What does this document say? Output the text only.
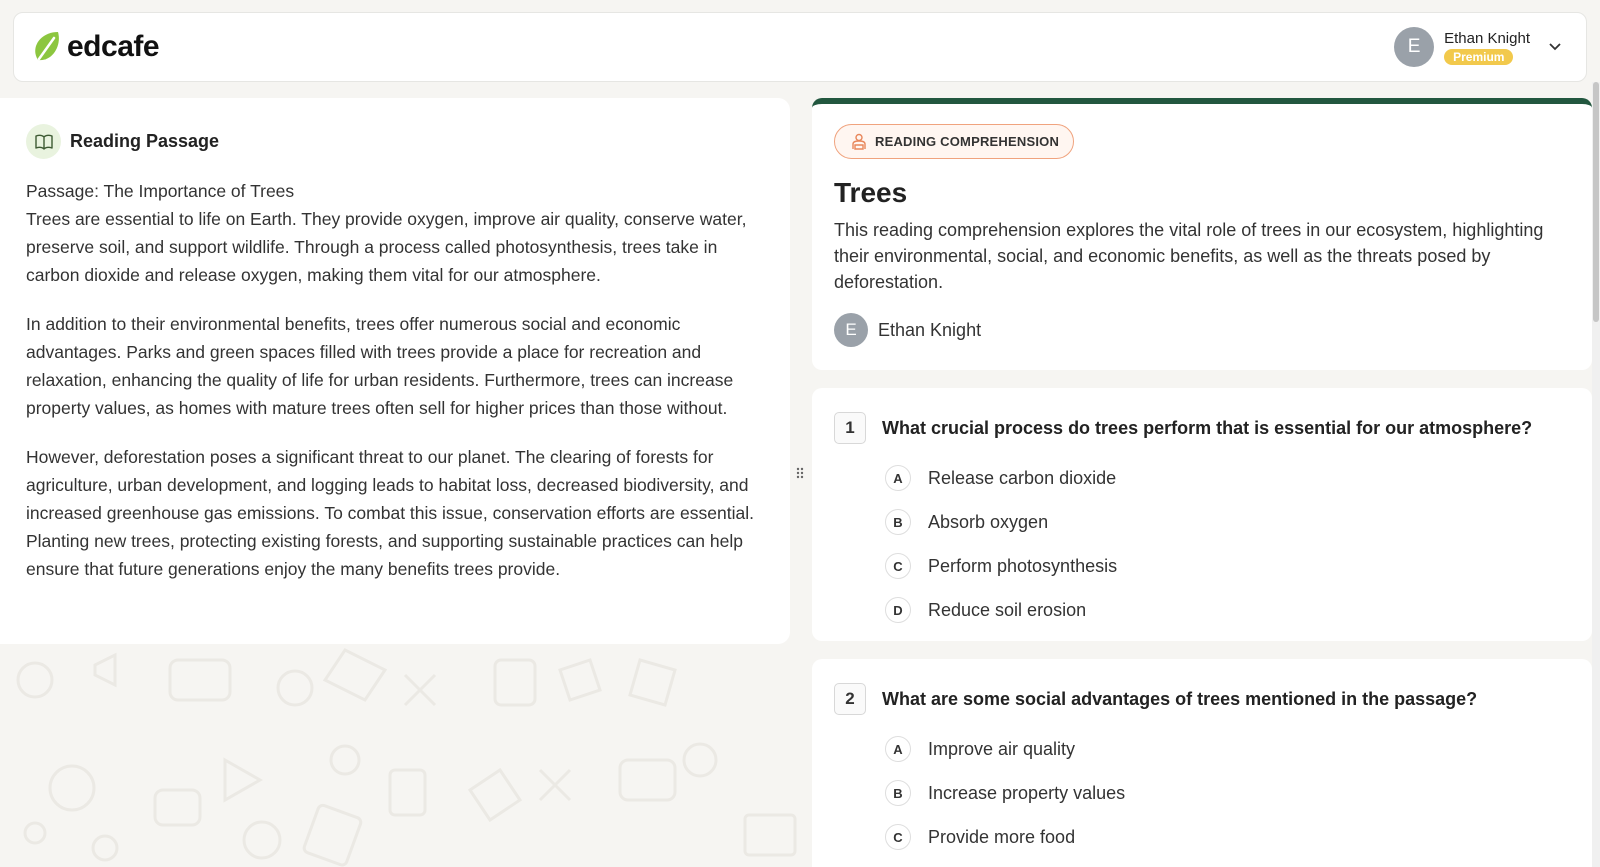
edcafe	E	Ethan Knight
Premium
Reading Passage

Passage: The Importance of Trees
Trees are essential to life on Earth. They provide oxygen, improve air quality, conserve water, preserve soil, and support wildlife. Through a process called photosynthesis, trees take in carbon dioxide and release oxygen, making them vital for our atmosphere.

In addition to their environmental benefits, trees offer numerous social and economic advantages. Parks and green spaces filled with trees provide a place for recreation and relaxation, enhancing the quality of life for urban residents. Furthermore, trees can increase property values, as homes with mature trees often sell for higher prices than those without.

However, deforestation poses a significant threat to our planet. The clearing of forests for agriculture, urban development, and logging leads to habitat loss, decreased biodiversity, and increased greenhouse gas emissions. To combat this issue, conservation efforts are essential. Planting new trees, protecting existing forests, and supporting sustainable practices can help ensure that future generations enjoy the many benefits trees provide.

READING COMPREHENSION
Trees

This reading comprehension explores the vital role of trees in our ecosystem, highlighting their environmental, social, and economic benefits, as well as the threats posed by deforestation.

E	Ethan Knight
1	What crucial process do trees perform that is essential for our atmosphere?
A	Release carbon dioxide
B	Absorb oxygen
C	Perform photosynthesis
D	Reduce soil erosion
2	What are some social advantages of trees mentioned in the passage?
A	Improve air quality
B	Increase property values
C	Provide more food
